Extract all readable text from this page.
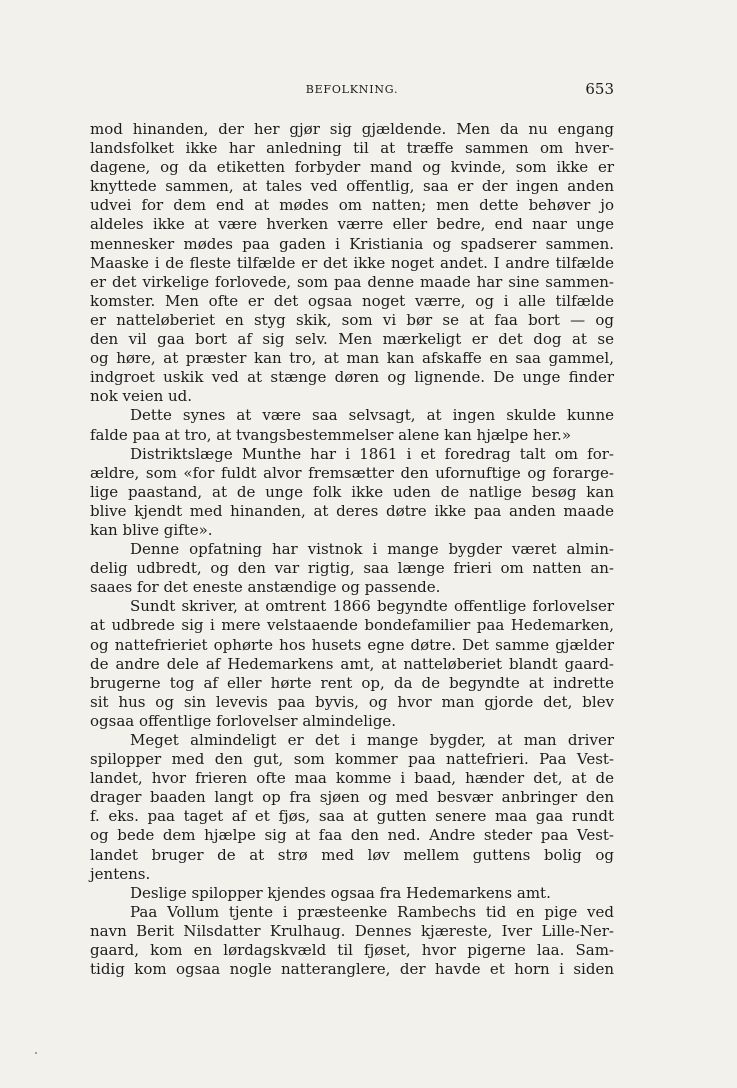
BEFOLKNING.	653
mod hinanden, der her gjør sig gjældende. Men da nu engang
landsfolket ikke har anledning til at træffe sammen om hver-
dagene, og da etiketten forbyder mand og kvinde, som ikke er
knyttede sammen, at tales ved offentlig, saa er der ingen anden
udvei for dem end at mødes om natten; men dette behøver jo
aldeles ikke at være hverken værre eller bedre, end naar unge
mennesker mødes paa gaden i Kristiania og spadserer sammen.
Maaske i de fleste tilfælde er det ikke noget andet. I andre tilfælde
er det virkelige forlovede, som paa denne maade har sine sammen-
komster. Men ofte er det ogsaa noget værre, og i alle tilfælde
er natteløberiet en styg skik, som vi bør se at faa bort — og
den vil gaa bort af sig selv. Men mærkeligt er det dog at se
og høre, at præster kan tro, at man kan afskaffe en saa gammel,
indgroet uskik ved at stænge døren og lignende. De unge finder
nok veien ud.
Dette synes at være saa selvsagt, at ingen skulde kunne
falde paa at tro, at tvangsbestemmelser alene kan hjælpe her.»
Distriktslæge Munthe har i 1861 i et foredrag talt om for-
ældre, som «for fuldt alvor fremsætter den ufornuftige og forarge-
lige paastand, at de unge folk ikke uden de natlige besøg kan
blive kjendt med hinanden, at deres døtre ikke paa anden maade
kan blive gifte».
Denne opfatning har vistnok i mange bygder været almin-
delig udbredt, og den var rigtig, saa længe frieri om natten an-
saaes for det eneste anstændige og passende.
Sundt skriver, at omtrent 1866 begyndte offentlige forlovelser
at udbrede sig i mere velstaaende bondefamilier paa Hedemarken,
og nattefrieriet ophørte hos husets egne døtre. Det samme gjælder
de andre dele af Hedemarkens amt, at natteløberiet blandt gaard-
brugerne tog af eller hørte rent op, da de begyndte at indrette
sit hus og sin levevis paa byvis, og hvor man gjorde det, blev
ogsaa offentlige forlovelser almindelige.
Meget almindeligt er det i mange bygder, at man driver
spilopper med den gut, som kommer paa nattefrieri. Paa Vest-
landet, hvor frieren ofte maa komme i baad, hænder det, at de
drager baaden langt op fra sjøen og med besvær anbringer den
f. eks. paa taget af et fjøs, saa at gutten senere maa gaa rundt
og bede dem hjælpe sig at faa den ned. Andre steder paa Vest-
landet bruger de at strø med løv mellem guttens bolig og
jentens.
Deslige spilopper kjendes ogsaa fra Hedemarkens amt.
Paa Vollum tjente i præsteenke Rambechs tid en pige ved
navn Berit Nilsdatter Krulhaug. Dennes kjæreste, Iver Lille-Ner-
gaard, kom en lørdagskvæld til fjøset, hvor pigerne laa. Sam-
tidig kom ogsaa nogle natteranglere, der havde et horn i siden
